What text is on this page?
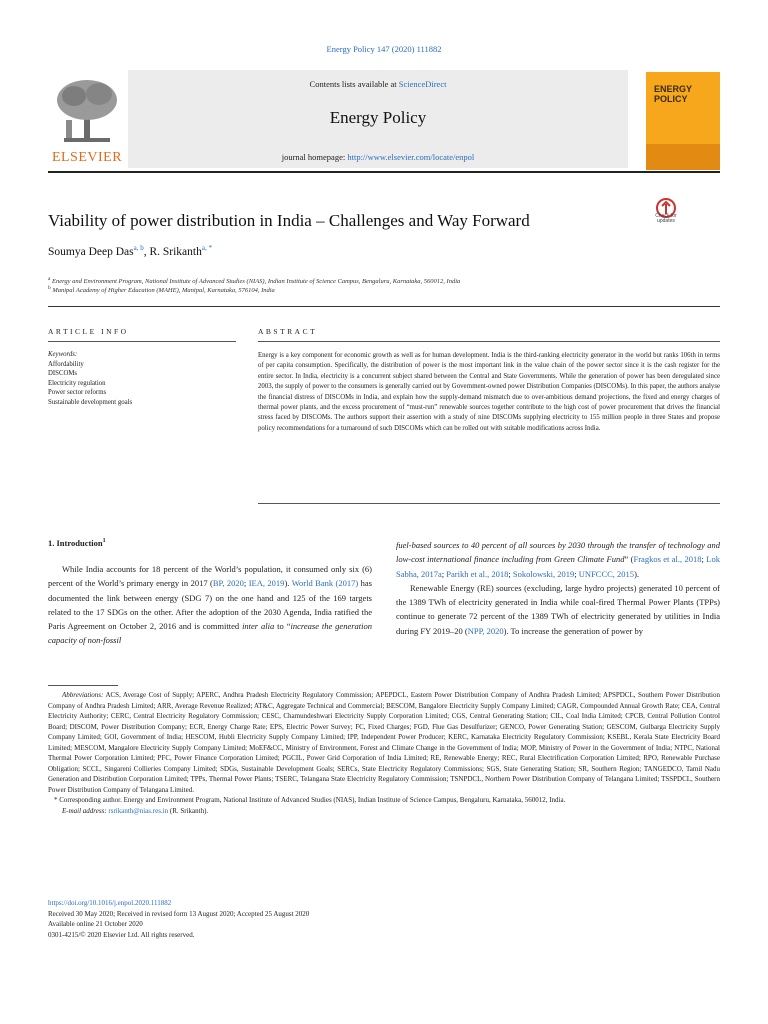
Energy Policy 147 (2020) 111882
ELSEVIER
Contents lists available at ScienceDirect
Energy Policy
journal homepage: http://www.elsevier.com/locate/enpol
ENERGY
POLICY
Check for
updates
Viability of power distribution in India – Challenges and Way Forward
Soumya Deep Das$^{a, b}$, R. Srikanth$^{a, *}$
$^a$ Energy and Environment Program, National Institute of Advanced Studies (NIAS), Indian Institute of Science Campus, Bengaluru, Karnataka, 560012, India
$^b$ Manipal Academy of Higher Education (MAHE), Manipal, Karnataka, 576104, India
ARTICLE INFO	ABSTRACT
Keywords:
Affordability
DISCOMs
Electricity regulation
Power sector reforms
Sustainable development goals
Energy is a key component for economic growth as well as for human development. India is the third-ranking electricity generator in the world but ranks 106th in terms of per capita consumption. Specifically, the distribution of power is the most important link in the value chain of the power sector since it is the cash register for the entire sector. In India, electricity is a concurrent subject shared between the Central and State Governments. While the generation of power has been deregulated since 2003, the supply of power to the consumers is generally carried out by Government-owned power Distribution Companies (DISCOMs). In this paper, the authors analyse the financial distress of DISCOMs in India, and explain how the supply-demand mismatch due to over-ambitious demand projections, the fixed and energy charges of thermal power plants, and the excess procurement of “must-run” renewable sources together contribute to the high cost of power procurement that drives the financial stress faced by DISCOMs. The authors support their assertion with a study of nine DISCOMs supplying electricity to 155 million people in three States and propose policy recommendations for a turnaround of such DISCOMs which can be rolled out with suitable modifications across India.
1. Introduction$^1$
While India accounts for 18 percent of the World’s population, it consumed only six (6) percent of the World’s primary energy in 2017 (BP, 2020; IEA, 2019). World Bank (2017) has documented the link between energy (SDG 7) on the one hand and 125 of the 169 targets related to the 17 SDGs on the other. After the adoption of the 2030 Agenda, India ratified the Paris Agreement on October 2, 2016 and is committed inter alia to “increase the generation capacity of non-fossil
fuel-based sources to 40 percent of all sources by 2030 through the transfer of technology and low-cost international finance including from Green Climate Fund” (Fragkos et al., 2018; Lok Sabha, 2017a; Parikh et al., 2018; Sokolowski, 2019; UNFCCC, 2015).
Renewable Energy (RE) sources (excluding, large hydro projects) generated 10 percent of the 1389 TWh of electricity generated in India while coal-fired Thermal Power Plants (TPPs) continue to generate 72 percent of the 1389 TWh of electricity generated by utilities in India during FY 2019–20 (NPP, 2020). To increase the generation of power by
Abbreviations: ACS, Average Cost of Supply; APERC, Andhra Pradesh Electricity Regulatory Commission; APEPDCL, Eastern Power Distribution Company of Andhra Pradesh Limited; APSPDCL, Southern Power Distribution Company of Andhra Pradesh Limited; ARR, Average Revenue Realized; AT&C, Aggregate Technical and Commercial; BESCOM, Bangalore Electricity Supply Company Limited; CAGR, Compounded Annual Growth Rate; CEA, Central Electricity Authority; CERC, Central Electricity Regulatory Commission; CESC, Chamundeshwari Electricity Supply Corporation Limited; CGS, Central Generating Station; CIL, Coal India Limited; CPCB, Central Pollution Control Board; DISCOM, Power Distribution Company; ECR, Energy Charge Rate; EPS, Electric Power Survey; FC, Fixed Charges; FGD, Flue Gas Desulfurizer; GENCO, Power Generating Station; GESCOM, Gulbarga Electricity Supply Company Limited; GOI, Government of India; HESCOM, Hubli Electricity Supply Company Limited; IPP, Independent Power Producer; KERC, Karnataka Electricity Regulatory Commission; KSEBL, Kerala State Electricity Board Limited; MESCOM, Mangalore Electricity Supply Company Limited; MoEF&CC, Ministry of Environment, Forest and Climate Change in the Government of India; MOP, Ministry of Power in the Government of India; NTPC, National Thermal Power Corporation Limited; PFC, Power Finance Corporation Limited; PGCIL, Power Grid Corporation of India Limited; RE, Renewable Energy; REC, Rural Electrification Corporation Limited; RPO, Renewable Purchase Obligation; SCCL, Singareni Collieries Company Limited; SDGs, Sustainable Development Goals; SERCs, State Electricity Regulatory Commissions; SGS, State Generating Station; SR, Southern Region; TANGEDCO, Tamil Nadu Generation and Distribution Corporation Limited; TPPs, Thermal Power Plants; TSERC, Telangana State Electricity Regulatory Commission; TSNPDCL, Northern Power Distribution Company of Telangana Limited; TSSPDCL, Southern Power Distribution Company of Telangana Limited.
* Corresponding author. Energy and Environment Program, National Institute of Advanced Studies (NIAS), Indian Institute of Science Campus, Bengaluru, Karnataka, 560012, India.
E-mail address: rsrikanth@nias.res.in (R. Srikanth).
https://doi.org/10.1016/j.enpol.2020.111882
Received 30 May 2020; Received in revised form 13 August 2020; Accepted 25 August 2020
Available online 21 October 2020
0301-4215/© 2020 Elsevier Ltd. All rights reserved.
